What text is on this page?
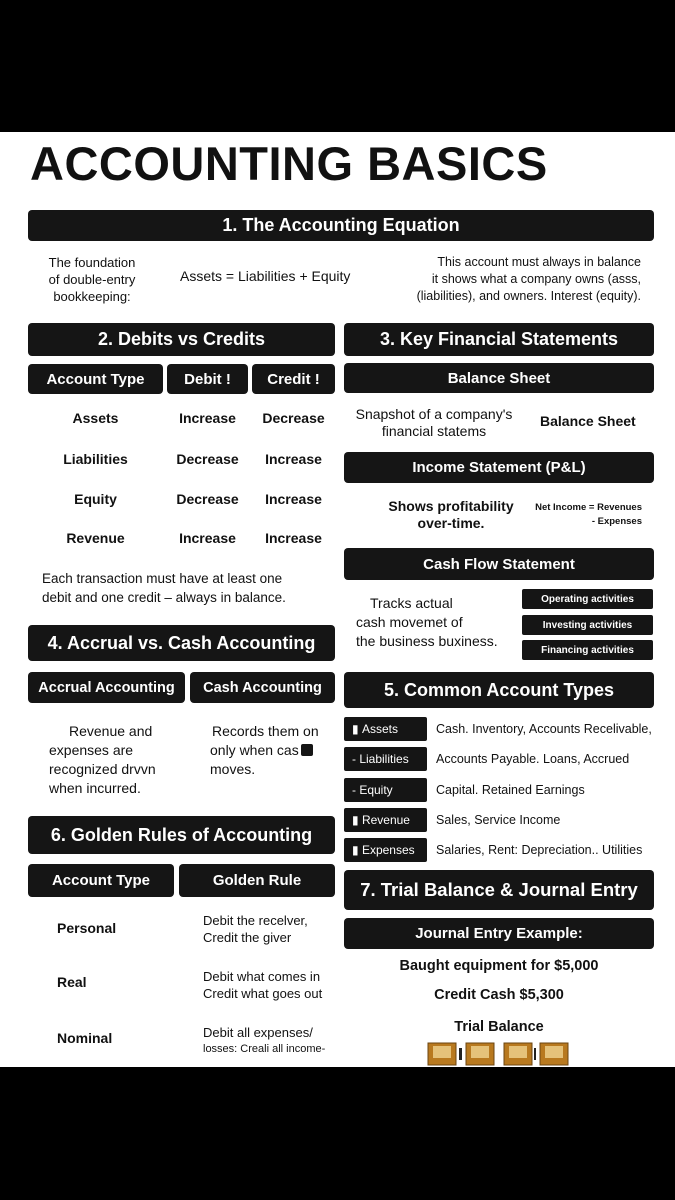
ACCOUNTING BASICS
1. The Accounting Equation
The foundation
of double-entry
bookkeeping:
Assets = Liabilities + Equity
This account must always in balance
it shows what a company owns (asss,
(liabilities), and owners. Interest (equity).
2. Debits vs Credits
Account Type	Debit !	Credit !
Assets	Increase	Decrease
Liabilities	Decrease	Increase
Equity	Decrease	Increase
Revenue	Increase	Increase
Each transaction must have at least one
debit and one credit – always in balance.
3. Key Financial Statements
Balance Sheet
Snapshot of a company's
financial statems
Balance Sheet
Income Statement (P&L)
Shows profitability
over-time.
Net Income = Revenues
- Expenses
Cash Flow Statement
Tracks actual
cash movemet of
the business buxiness.
Operating activities
Investing activities
Financing activities
4. Accrual vs. Cash Accounting
Accrual Accounting	Cash Accounting
Revenue and
expenses are
recognized drvvn
when incurred.
Records them on
only when cas
moves.
5. Common Account Types
▮ Assets	Cash. Inventory, Accounts Recelivable,
- Liabilities	Accounts Payable. Loans, Accrued
- Equity	Capital. Retained Earnings
▮ Revenue Sales, Service Income
▮ Expenses Salaries, Rent: Depreciation.. Utilities
6. Golden Rules of Accounting
Account Type	Golden Rule
Personal	Debit the recelver,
Credit the giver
Real	Debit what comes in
Credit what goes out
Nominal	Debit all expenses/
losses: Creali all income-
7. Trial Balance & Journal Entry
Journal Entry Example:
Baught equipment for $5,000
Credit Cash $5,300
Trial Balance
